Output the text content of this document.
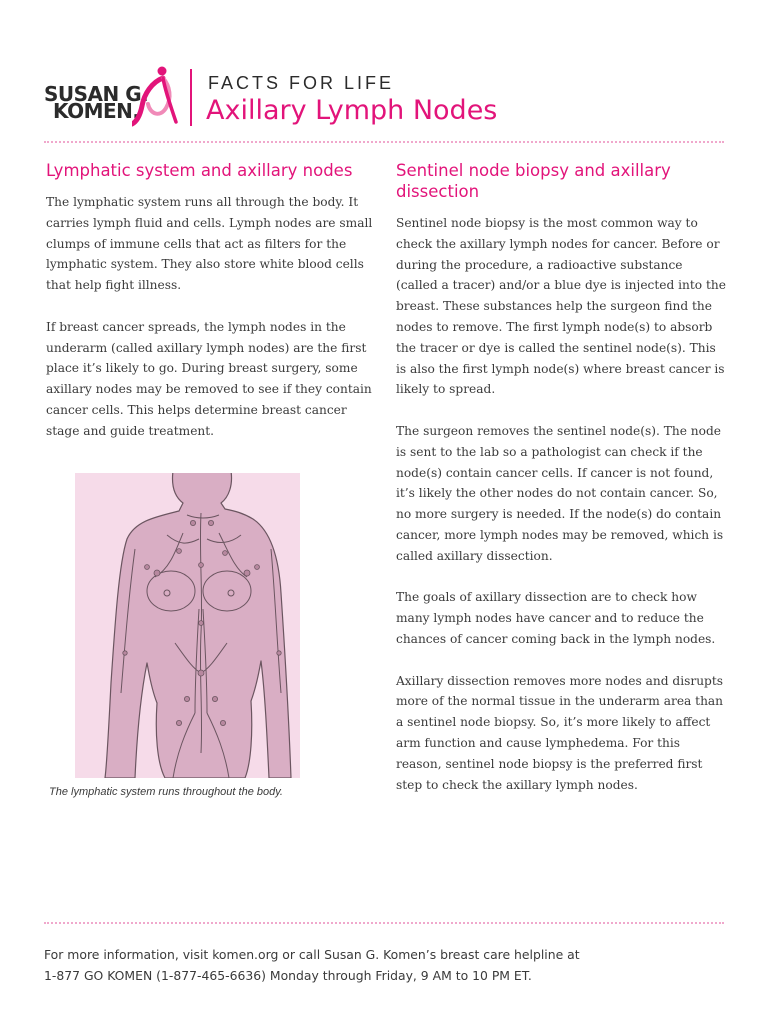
SUSAN G.
KOMEN.
FACTS FOR LIFE
Axillary Lymph Nodes
Lymphatic system and axillary nodes

The lymphatic system runs all through the body. It carries lymph fluid and cells. Lymph nodes are small clumps of immune cells that act as filters for the lymphatic system. They also store white blood cells that help fight illness.

If breast cancer spreads, the lymph nodes in the underarm (called axillary lymph nodes) are the first place it’s likely to go. During breast surgery, some axillary nodes may be removed to see if they contain cancer cells. This helps determine breast cancer stage and guide treatment.

The lymphatic system runs throughout the body.
Sentinel node biopsy and axillary dissection

Sentinel node biopsy is the most common way to check the axillary lymph nodes for cancer. Before or during the procedure, a radioactive substance (called a tracer) and/or a blue dye is injected into the breast. These substances help the surgeon find the nodes to remove. The first lymph node(s) to absorb the tracer or dye is called the sentinel node(s). This is also the first lymph node(s) where breast cancer is likely to spread.

The surgeon removes the sentinel node(s). The node is sent to the lab so a pathologist can check if the node(s) contain cancer cells. If cancer is not found, it’s likely the other nodes do not contain cancer. So, no more surgery is needed. If the node(s) do contain cancer, more lymph nodes may be removed, which is called axillary dissection.

The goals of axillary dissection are to check how many lymph nodes have cancer and to reduce the chances of cancer coming back in the lymph nodes.

Axillary dissection removes more nodes and disrupts more of the normal tissue in the underarm area than a sentinel node biopsy. So, it’s more likely to affect arm function and cause lymphedema. For this reason, sentinel node biopsy is the preferred first step to check the axillary lymph nodes.

For more information, visit komen.org or call Susan G. Komen’s breast care helpline at
1-877 GO KOMEN (1-877-465-6636) Monday through Friday, 9 AM to 10 PM ET.
